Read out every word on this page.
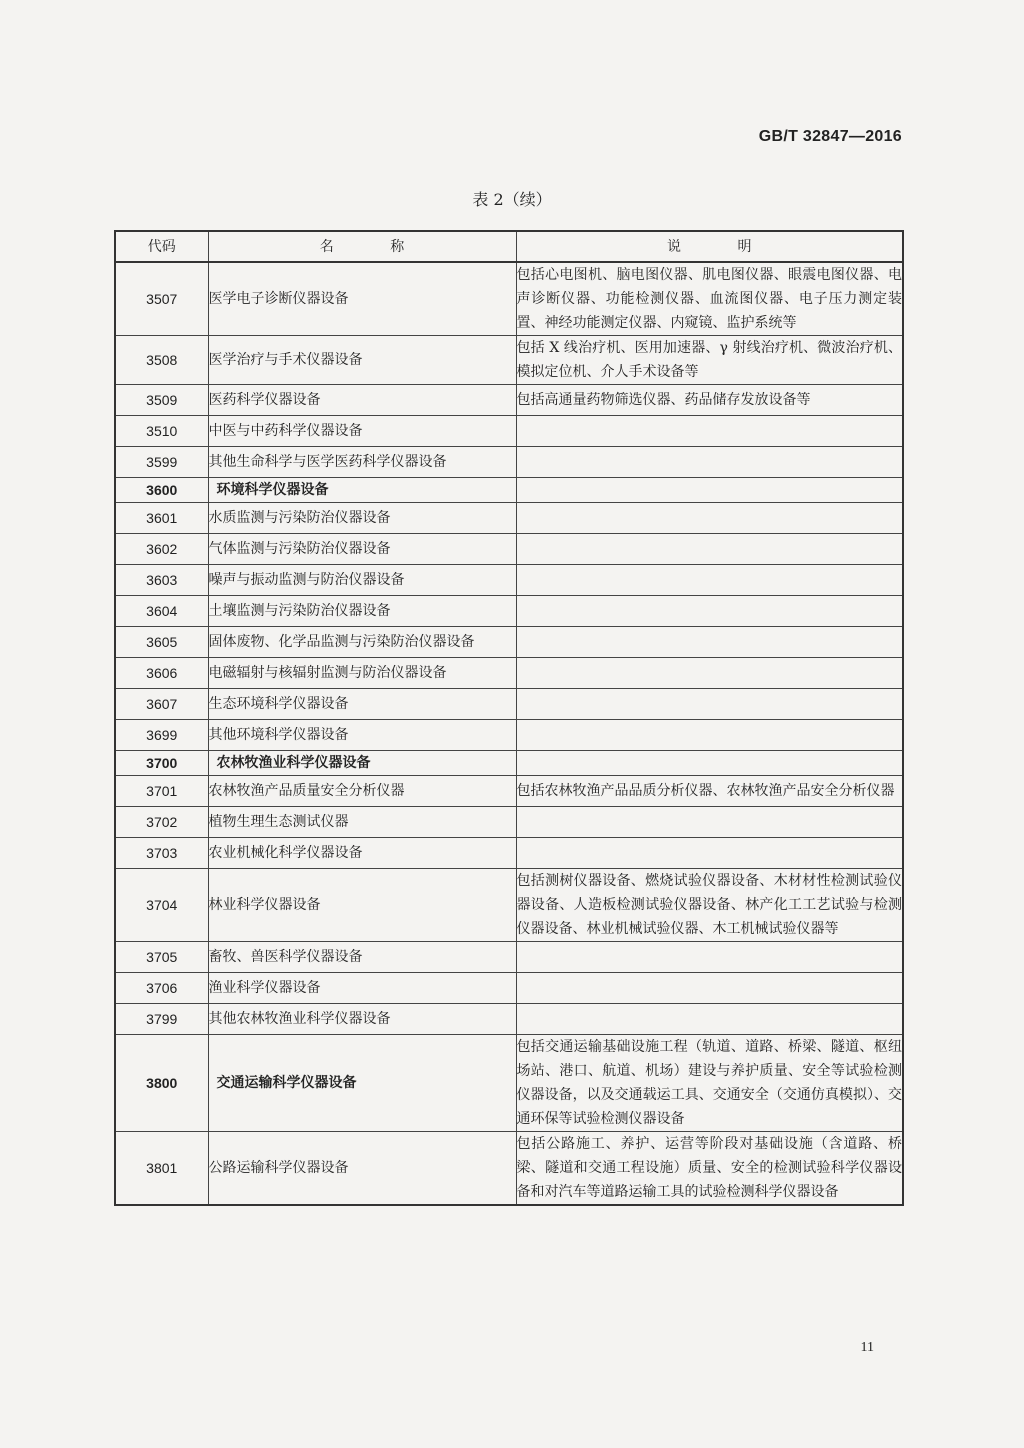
GB/T 32847—2016
表 2（续）
代码	名 称	说 明
3507	医学电子诊断仪器设备	包括心电图机、脑电图仪器、肌电图仪器、眼震电图仪器、电声诊断仪器、功能检测仪器、血流图仪器、电子压力测定装置、神经功能测定仪器、内窥镜、监护系统等
3508	医学治疗与手术仪器设备	包括 X 线治疗机、医用加速器、γ 射线治疗机、微波治疗机、模拟定位机、介人手术设备等
3509	医药科学仪器设备	包括高通量药物筛选仪器、药品储存发放设备等
3510	中医与中药科学仪器设备	
3599	其他生命科学与医学医药科学仪器设备	
3600	环境科学仪器设备	
3601	水质监测与污染防治仪器设备	
3602	气体监测与污染防治仪器设备	
3603	噪声与振动监测与防治仪器设备	
3604	土壤监测与污染防治仪器设备	
3605	固体废物、化学品监测与污染防治仪器设备	
3606	电磁辐射与核辐射监测与防治仪器设备	
3607	生态环境科学仪器设备	
3699	其他环境科学仪器设备	
3700	农林牧渔业科学仪器设备	
3701	农林牧渔产品质量安全分析仪器	包括农林牧渔产品品质分析仪器、农林牧渔产品安全分析仪器
3702	植物生理生态测试仪器	
3703	农业机械化科学仪器设备	
3704	林业科学仪器设备	包括测树仪器设备、燃烧试验仪器设备、木材材性检测试验仪器设备、人造板检测试验仪器设备、林产化工工艺试验与检测仪器设备、林业机械试验仪器、木工机械试验仪器等
3705	畜牧、兽医科学仪器设备	
3706	渔业科学仪器设备	
3799	其他农林牧渔业科学仪器设备	
3800	交通运输科学仪器设备	包括交通运输基础设施工程（轨道、道路、桥梁、隧道、枢纽场站、港口、航道、机场）建设与养护质量、安全等试验检测仪器设备，以及交通载运工具、交通安全（交通仿真模拟）、交通环保等试验检测仪器设备
3801	公路运输科学仪器设备	包括公路施工、养护、运营等阶段对基础设施（含道路、桥梁、隧道和交通工程设施）质量、安全的检测试验科学仪器设备和对汽车等道路运输工具的试验检测科学仪器设备
11
